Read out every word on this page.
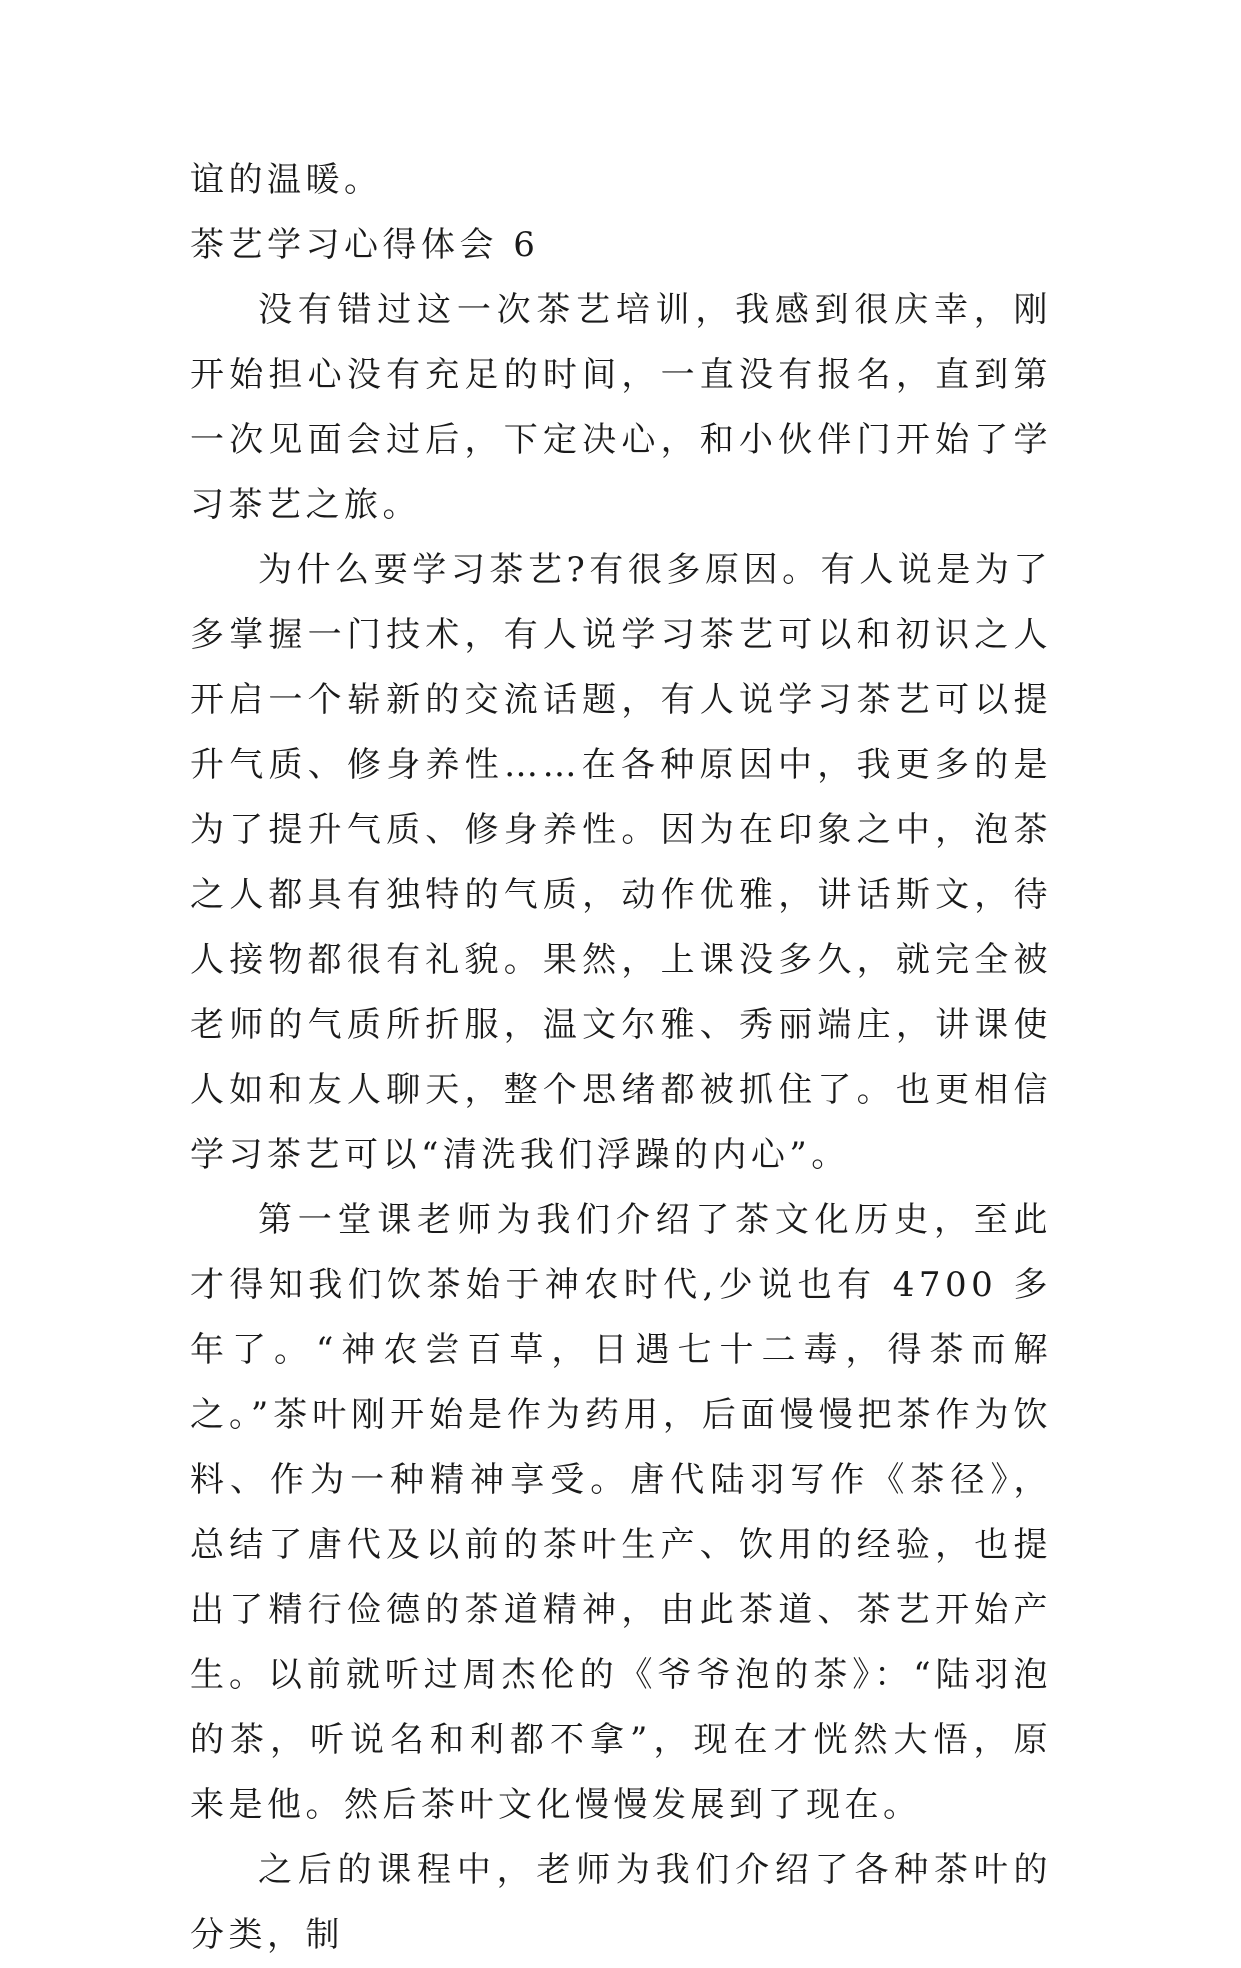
谊的温暖。

茶艺学习心得体会 6

没有错过这一次茶艺培训，我感到很庆幸，刚开始担心没有充足的时间，一直没有报名，直到第一次见面会过后，下定决心，和小伙伴门开始了学习茶艺之旅。

为什么要学习茶艺?有很多原因。有人说是为了多掌握一门技术，有人说学习茶艺可以和初识之人开启一个崭新的交流话题，有人说学习茶艺可以提升气质、修身养性……在各种原因中，我更多的是为了提升气质、修身养性。因为在印象之中，泡茶之人都具有独特的气质，动作优雅，讲话斯文，待人接物都很有礼貌。果然，上课没多久，就完全被老师的气质所折服，温文尔雅、秀丽端庄，讲课使人如和友人聊天，整个思绪都被抓住了。也更相信学习茶艺可以“清洗我们浮躁的内心”。

第一堂课老师为我们介绍了茶文化历史，至此才得知我们饮茶始于神农时代,少说也有 4700 多年了。“神农尝百草，日遇七十二毒，得茶而解之。”茶叶刚开始是作为药用，后面慢慢把茶作为饮料、作为一种精神享受。唐代陆羽写作《茶径》，总结了唐代及以前的茶叶生产、饮用的经验，也提出了精行俭德的茶道精神，由此茶道、茶艺开始产生。以前就听过周杰伦的《爷爷泡的茶》：“陆羽泡的茶，听说名和利都不拿”，现在才恍然大悟，原来是他。然后茶叶文化慢慢发展到了现在。

之后的课程中，老师为我们介绍了各种茶叶的分类，制
